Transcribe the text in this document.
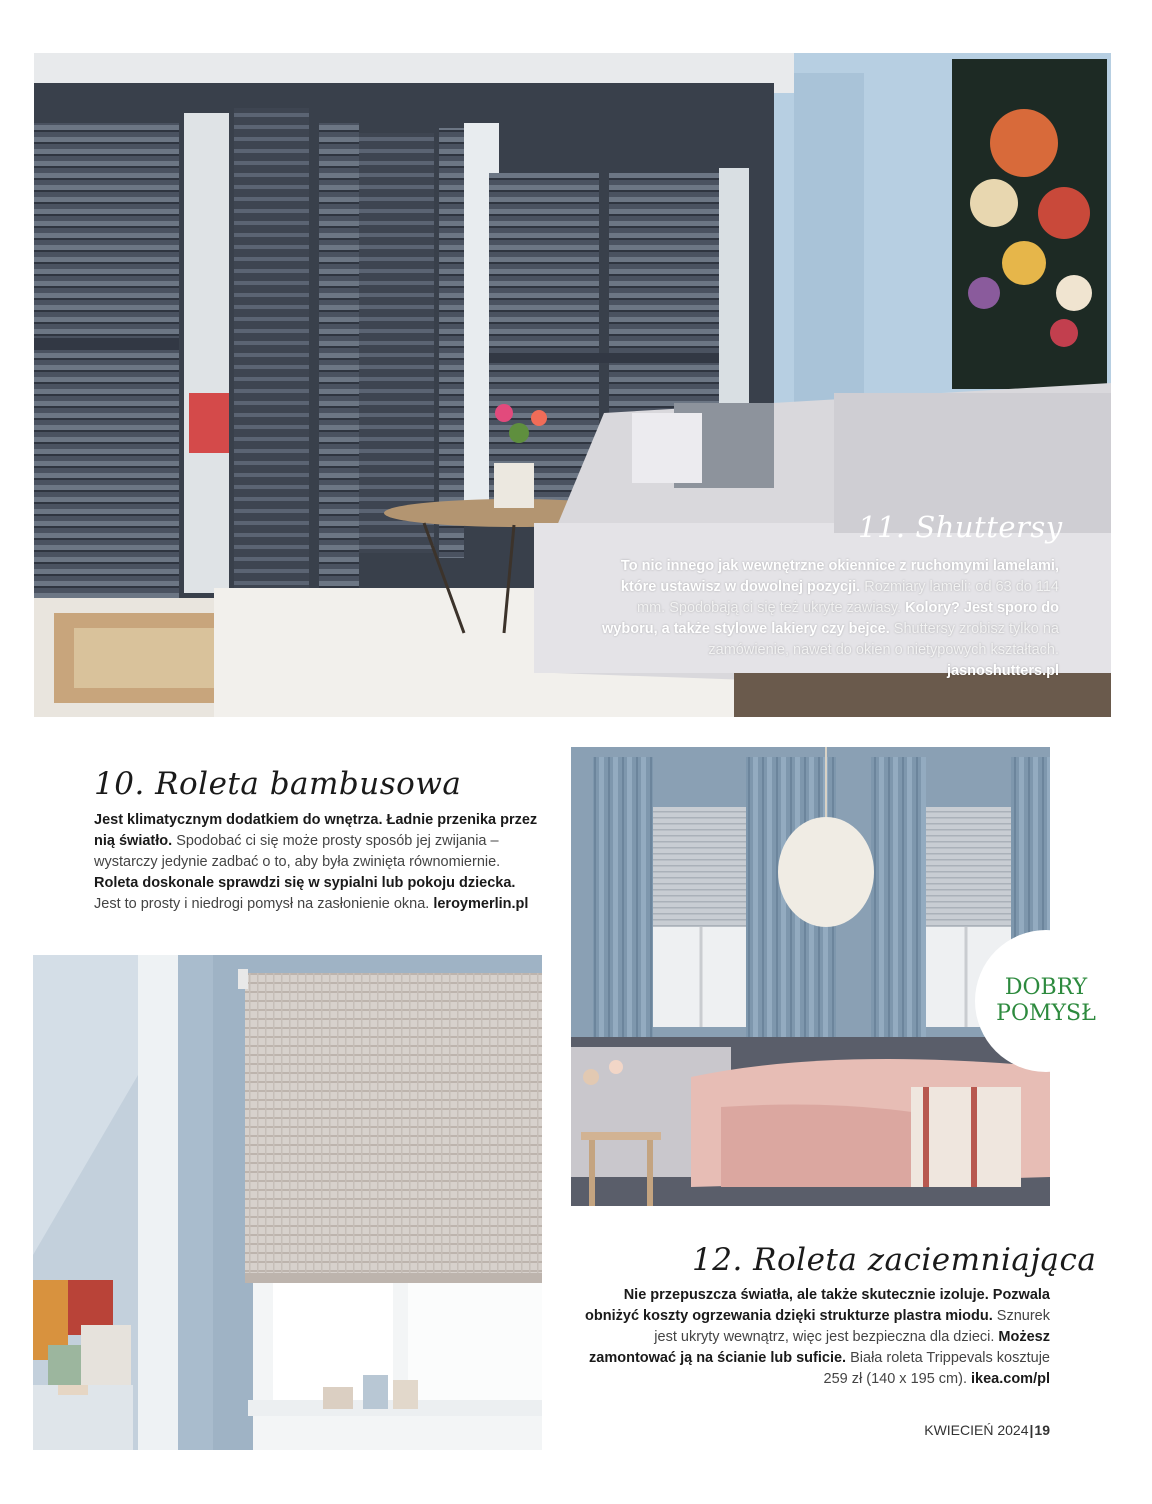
11. Shuttersy

To nic innego jak wewnętrzne okiennice z ruchomymi lamelami, które ustawisz w dowolnej pozycji. Rozmiary lameli: od 63 do 114 mm. Spodobają ci się też ukryte zawiasy. Kolory? Jest sporo do wyboru, a także stylowe lakiery czy bejce. Shuttersy zrobisz tylko na zamówienie, nawet do okien o nietypowych kształtach. jasnoshutters.pl

10. Roleta bambusowa

Jest klimatycznym dodatkiem do wnętrza. Ładnie przenika przez nią światło. Spodobać ci się może prosty sposób jej zwijania – wystarczy jedynie zadbać o to, aby była zwinięta równomiernie. Roleta doskonale sprawdzi się w sypialni lub pokoju dziecka. Jest to prosty i niedrogi pomysł na zasłonienie okna. leroymerlin.pl

DOBRY
POMYSŁ
12. Roleta zaciemniająca

Nie przepuszcza światła, ale także skutecznie izoluje. Pozwala obniżyć koszty ogrzewania dzięki strukturze plastra miodu. Sznurek jest ukryty wewnątrz, więc jest bezpieczna dla dzieci. Możesz zamontować ją na ścianie lub suficie. Biała roleta Trippevals kosztuje 259 zł (140 x 195 cm). ikea.com/pl

KWIECIEŃ 2024|19
